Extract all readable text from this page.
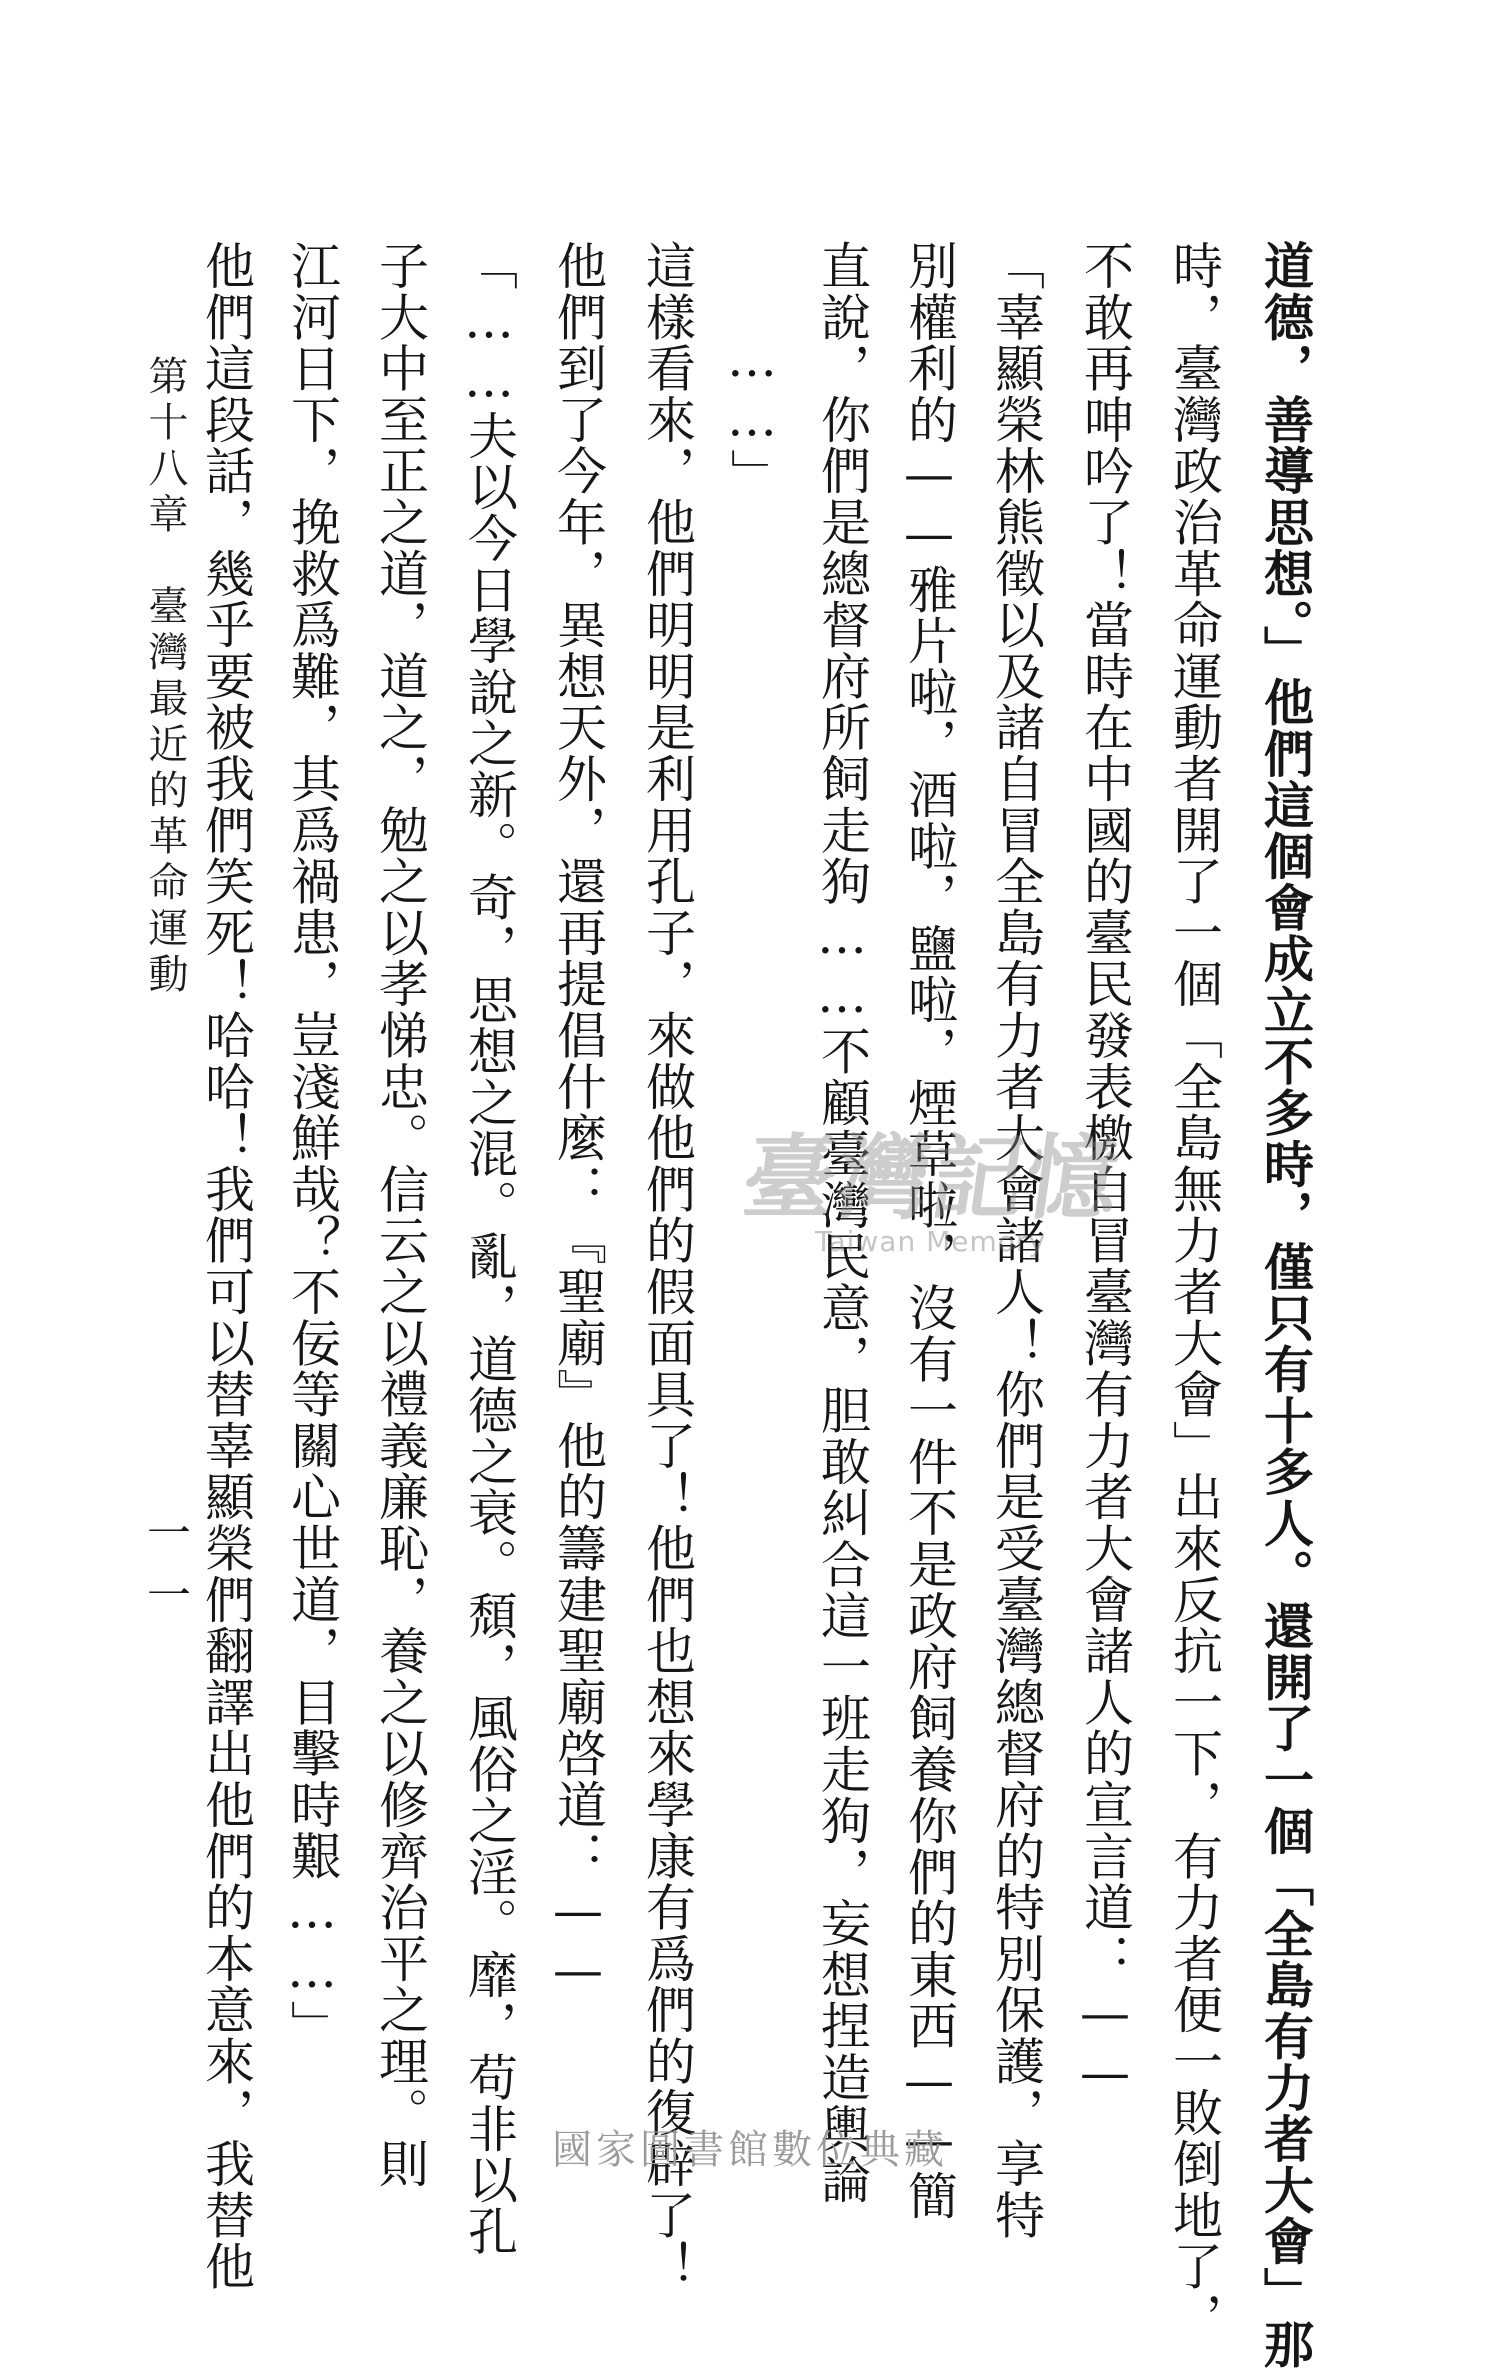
道德，善導思想。」他們這個會成立不多時，僅只有十多人。還開了一個「全島有力者大會」那
時，臺灣政治革命運動者開了一個「全島無力者大會」出來反抗一下，有力者便一敗倒地了，
不敢再呻吟了！當時在中國的臺民發表檄自冒臺灣有力者大會諸人的宣言道：——
「辜顯榮林熊徵以及諸自冒全島有力者大會諸人！你們是受臺灣總督府的特別保護，享特
別權利的——雅片啦，酒啦，鹽啦，煙草啦，沒有一件不是政府飼養你們的東西——簡
直說，你們是總督府所飼走狗……不顧臺灣民意，胆敢糾合這一班走狗，妄想捏造輿論
……」
這樣看來，他們明明是利用孔子，來做他們的假面具了！他們也想來學康有爲們的復辟了！
他們到了今年，異想天外，還再提倡什麼：『聖廟』他的籌建聖廟啓道：——
「……夫以今日學說之新。奇，思想之混。亂，道德之衰。頹，風俗之淫。靡，苟非以孔
子大中至正之道，道之，勉之以孝悌忠。信云之以禮義廉恥，養之以修齊治平之理。則
江河日下，挽救爲難，其爲禍患，豈淺鮮哉？不佞等關心世道，目擊時艱……」
他們這段話，幾乎要被我們笑死！哈哈！我們可以替辜顯榮們翻譯出他們的本意來，我替他
第十八章　臺灣最近的革命運動
一一
臺灣記憶
Taiwan Memory
國家圖書館數位典藏
